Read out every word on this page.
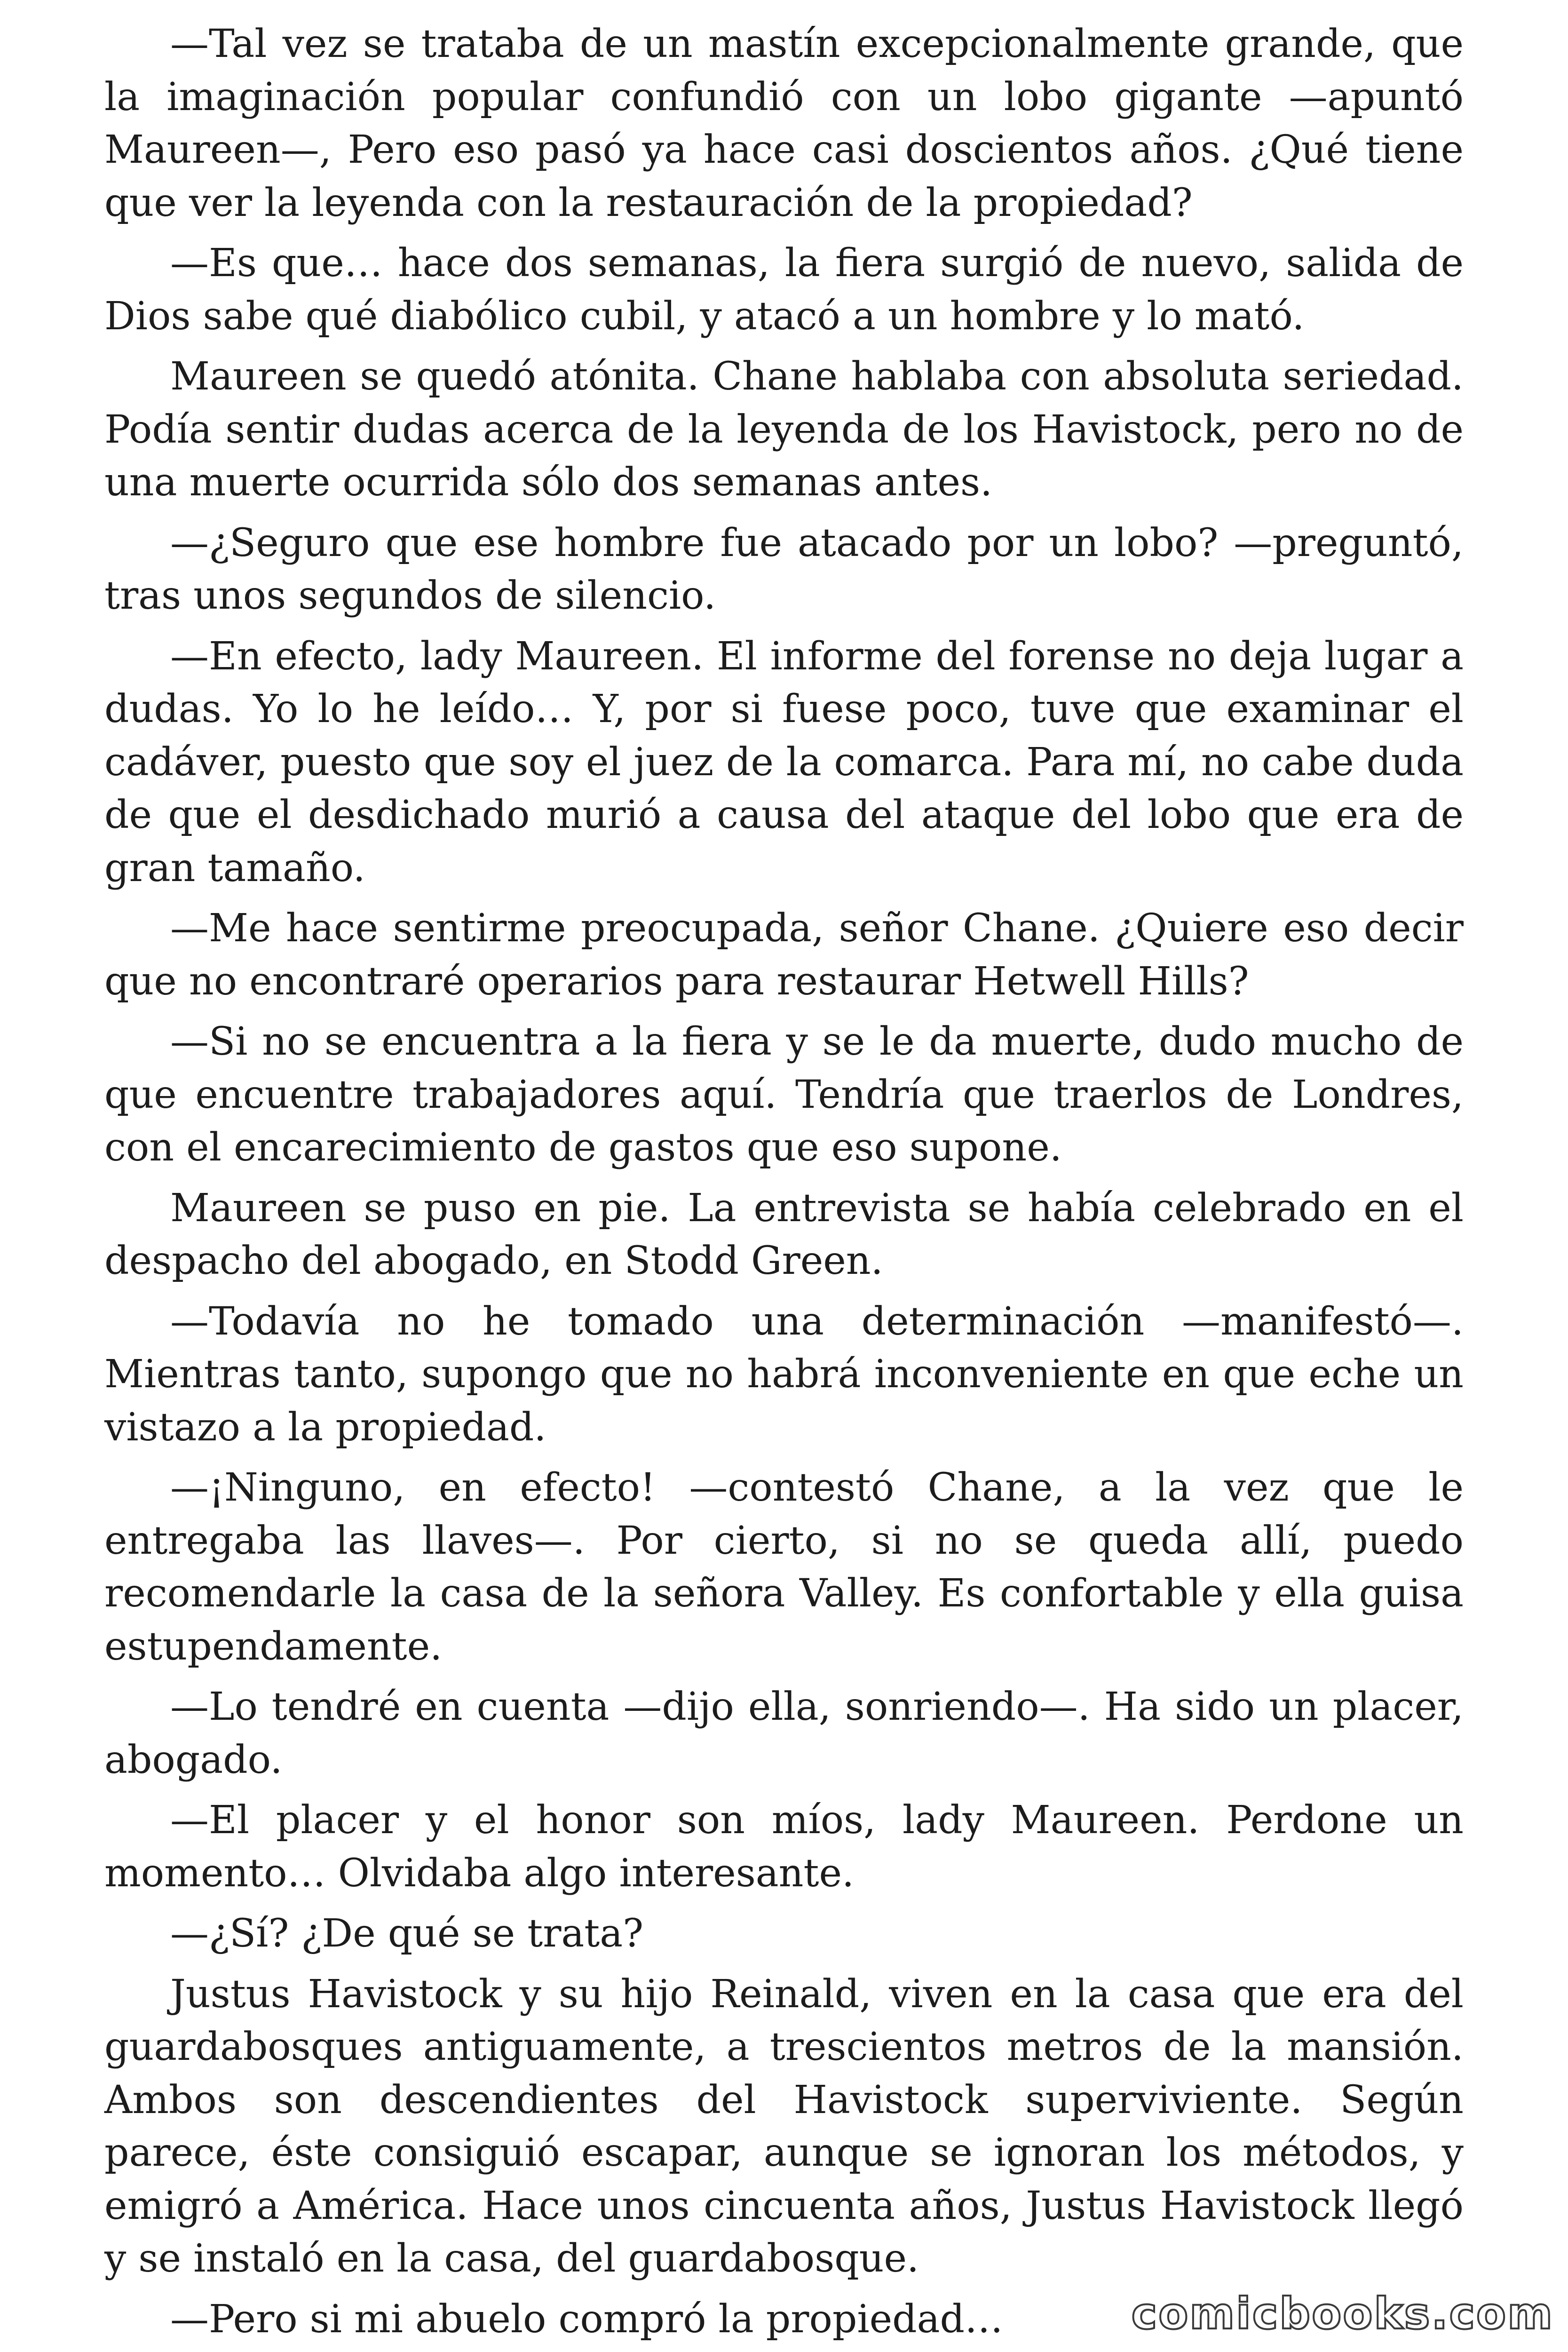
—Tal vez se trataba de un mastín excepcionalmente grande, que la imaginación popular confundió con un lobo gigante —apuntó Maureen—, Pero eso pasó ya hace casi doscientos años. ¿Qué tiene que ver la leyenda con la restauración de la propiedad?

—Es que… hace dos semanas, la fiera surgió de nuevo, salida de Dios sabe qué diabólico cubil, y atacó a un hombre y lo mató.

Maureen se quedó atónita. Chane hablaba con absoluta seriedad. Podía sentir dudas acerca de la leyenda de los Havistock, pero no de una muerte ocurrida sólo dos semanas antes.

—¿Seguro que ese hombre fue atacado por un lobo? —preguntó, tras unos segundos de silencio.

—En efecto, lady Maureen. El informe del forense no deja lugar a dudas. Yo lo he leído… Y, por si fuese poco, tuve que examinar el cadáver, puesto que soy el juez de la comarca. Para mí, no cabe duda de que el desdichado murió a causa del ataque del lobo que era de gran tamaño.

—Me hace sentirme preocupada, señor Chane. ¿Quiere eso decir que no encontraré operarios para restaurar Hetwell Hills?

—Si no se encuentra a la fiera y se le da muerte, dudo mucho de que encuentre trabajadores aquí. Tendría que traerlos de Londres, con el encarecimiento de gastos que eso supone.

Maureen se puso en pie. La entrevista se había celebrado en el despacho del abogado, en Stodd Green.

—Todavía no he tomado una determinación —manifestó—. Mientras tanto, supongo que no habrá inconveniente en que eche un vistazo a la propiedad.

—¡Ninguno, en efecto! —contestó Chane, a la vez que le entregaba las llaves—. Por cierto, si no se queda allí, puedo recomendarle la casa de la señora Valley. Es confortable y ella guisa estupendamente.

—Lo tendré en cuenta —dijo ella, sonriendo—. Ha sido un placer, abogado.

—El placer y el honor son míos, lady Maureen. Perdone un momento… Olvidaba algo interesante.

—¿Sí? ¿De qué se trata?

Justus Havistock y su hijo Reinald, viven en la casa que era del guardabosques antiguamente, a trescientos metros de la mansión. Ambos son descendientes del Havistock superviviente. Según parece, éste consiguió escapar, aunque se ignoran los métodos, y emigró a América. Hace unos cincuenta años, Justus Havistock llegó y se instaló en la casa, del guardabosque.

—Pero si mi abuelo compró la propiedad…	comicbooks.com
